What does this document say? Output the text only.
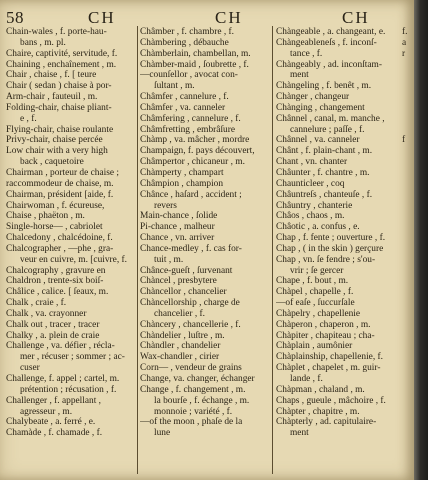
58	CH	CH	CH
Chain-wales , f. porte-hau-
bans , m. pl.
Chaire, captivité, servitude, f.
Chaining , enchaînement , m.
Chair , chaise , f. [ teure
Chair ( sedan ) chaise à por-
Arm-chair , fauteuil , m.
Folding-chair, chaise pliant-
e , f.
Flying-chair, chaise roulante
Privy-chair, chaise percée
Low chair with a very high
back , caquetoire
Chairman , porteur de chaise ;
raccommodeur de chaise, m.
Chairman, président [aide, f.
Chairwoman , f. écureuse,
Chaise , phaëton , m.
Single-horse— , cabriolet
Chalcedony , chalcédoine, f.
Chalcographer , —phe , gra-
veur en cuivre, m. [cuivre, f.
Chalcography , gravure en
Chaldron , trente-six boiſ-
Châlice , calice. [ ſeaux, m.
Chalk , craie , f.
Chalk , va. crayonner
Chalk out , tracer , tracer
Chalky , a. plein de craie
Challenge , va. défier , récla-
mer , récuser ; sommer ; ac-
cuser
Challenge, f. appel ; cartel, m.
prétention ; récusation , f.
Challenger , f. appellant ,
agresseur , m.
Chalybeate , a. ferré , e.
Chamàde , f. chamade , f.
Châmber , f. chambre , f.
Chàmbering , débauche
Chàmberlain, chambellan, m.
Chàmber-maid , ſoubrette , f.
—counſellor , avocat con-
ſultant , m.
Châmfer , cannelure , f.
Châmfer , va. canneler
Châmfering , cannelure , f.
Châmfretting , embrâſure
Chàmp , va. mâcher , mordre
Champaign, f. pays découvert,
Châmpertor , chicaneur , m.
Chàmperty , champart
Châmpion , champion
Chânce , haſard , accident ;
revers
Main-chance , ſolide
Pi-chance , malheur
Chance , vn. arriver
Chance-medley , f. cas for-
tuit , m.
Chânce-gueſt , ſurvenant
Chàncel , presbytere
Chàncellor , chancelier
Chàncellorship , charge de
chancelier , f.
Chàncery , chancellerie , f.
Chàndelier , luſtre , m.
Chàndler , chandelier
Wax-chandler , cirier
Corn— , vendeur de grains
Change, va. changer, échanger
Change , f. changement , m.
la bourſe , f. échange , m.
monnoie ; variété , f.
—of the moon , phaſe de la
lune
Chàngeable , a. changeant, e.
Chàngeableneſs , f. inconſ-
tance , f.
Chàngeably , ad. inconſtam-
ment
Chàngeling , f. benêt , m.
Chànger , changeur
Chànging , changement
Chânnel , canal, m. manche ,
cannelure ; paſſe , f.
Chânnel , va. canneler
Chânt , f. plain-chant , m.
Chant , vn. chanter
Châunter , f. chantre , m.
Chaunticleer , coq
Châuntreſs , chanteuſe , f.
Châuntry , chanterie
Châos , chaos , m.
Châotic , a. confus , e.
Chap , f. fente ; ouverture , f.
Chap , ( in the skin ) gerçure
Chap , vn. ſe fendre ; s'ou-
vrir ; ſe gercer
Chape , f. bout , m.
Chàpel , chapelle , f.
—of eaſe , ſuccurſale
Chàpelry , chapellenie
Chàperon , chaperon , m.
Chàpiter , chapiteau ; cha-
Chàplain , aumônier
Chàplainship, chapellenie, f.
Chàplet , chapelet , m. guir-
lande , f.
Chàpman , chaland , m.
Chaps , gueule , mâchoire , f.
Chàpter , chapitre , m.
Chàpterly , ad. capitulaire-
ment
f.
a
r
f
